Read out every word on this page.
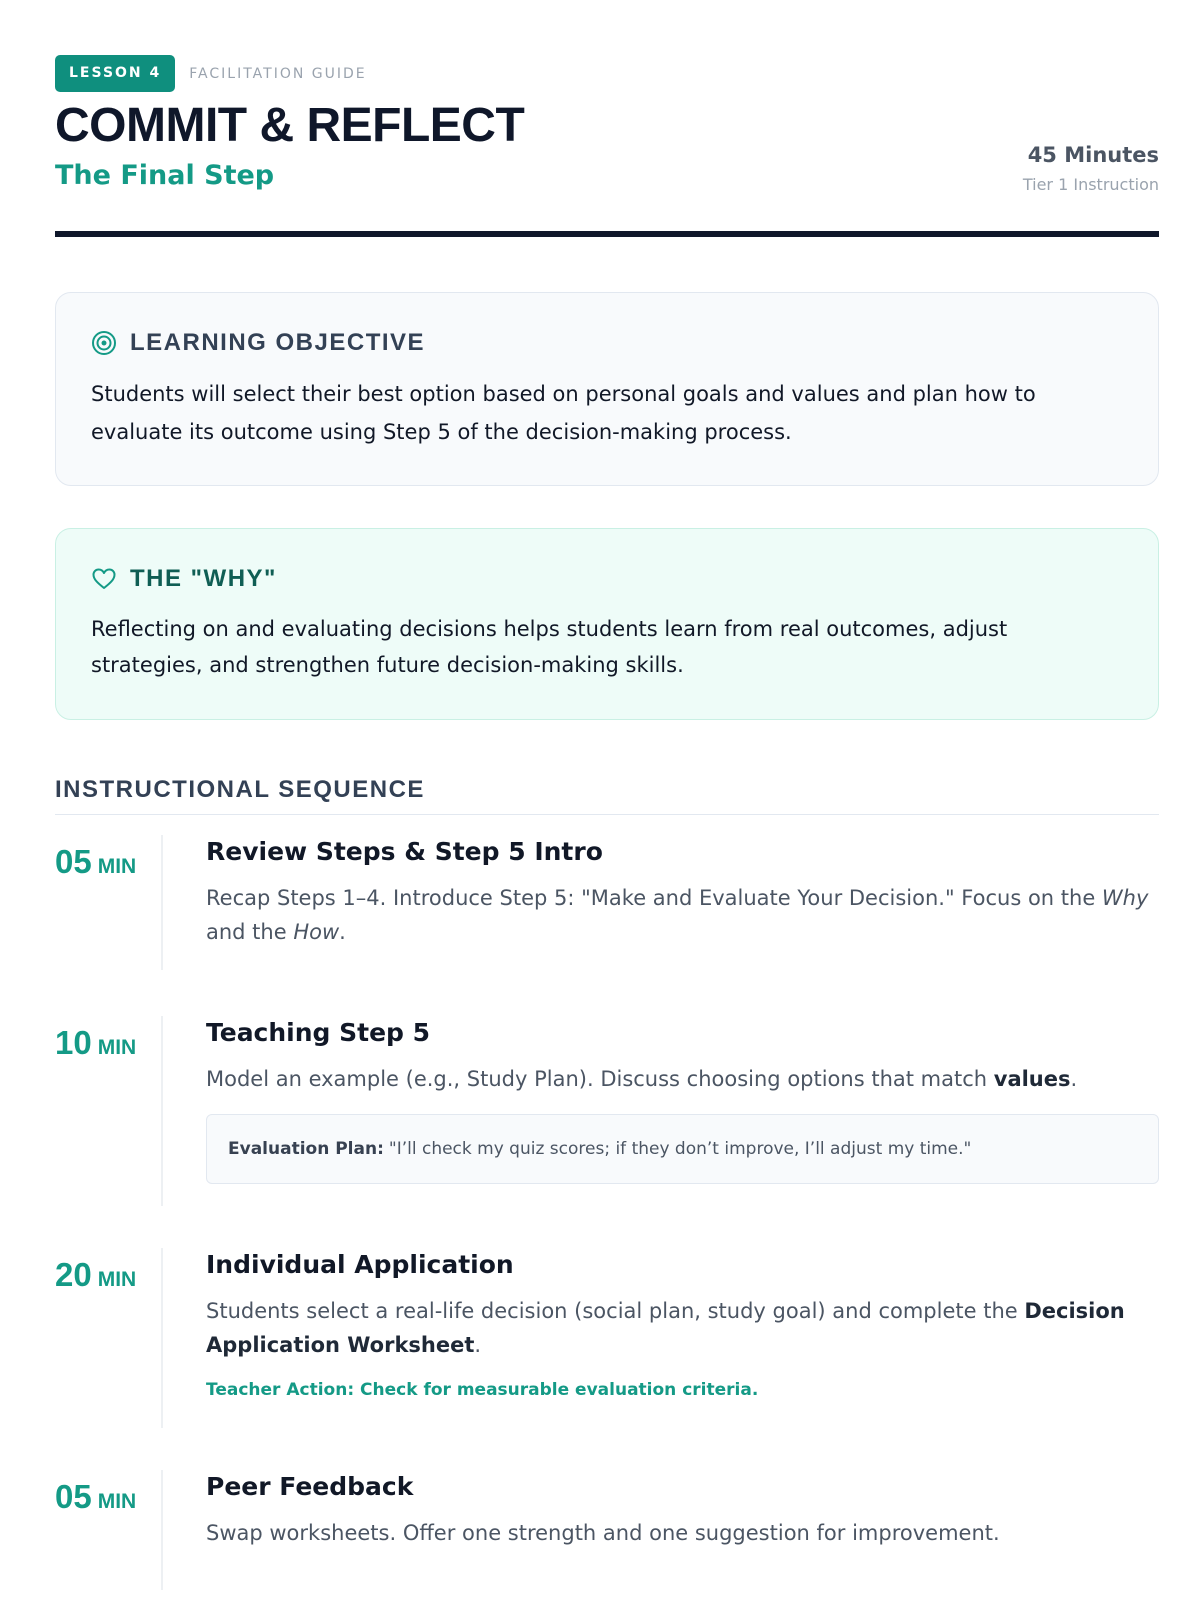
LESSON 4	FACILITATION GUIDE
COMMIT & REFLECT
The Final Step
45 Minutes
Tier 1 Instruction
LEARNING OBJECTIVE

Students will select their best option based on personal goals and values and plan how to evaluate its outcome using Step 5 of the decision-making process.

THE "WHY"

Reflecting on and evaluating decisions helps students learn from real outcomes, adjust strategies, and strengthen future decision-making skills.

INSTRUCTIONAL SEQUENCE
05 MIN
Review Steps & Step 5 Intro

Recap Steps 1–4. Introduce Step 5: "Make and Evaluate Your Decision." Focus on the Why and the How.

10 MIN
Teaching Step 5

Model an example (e.g., Study Plan). Discuss choosing options that match values.

Evaluation Plan: "I’ll check my quiz scores; if they don’t improve, I’ll adjust my time."
20 MIN
Individual Application

Students select a real-life decision (social plan, study goal) and complete the Decision Application Worksheet.

Teacher Action: Check for measurable evaluation criteria.
05 MIN
Peer Feedback

Swap worksheets. Offer one strength and one suggestion for improvement.
